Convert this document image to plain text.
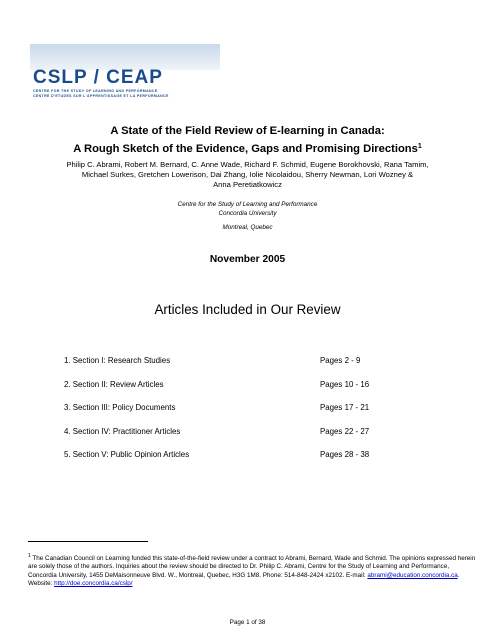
CSLP / CEAP
CENTRE FOR THE STUDY OF LEARNING AND PERFORMANCE
CENTRE D'ETUDES SUR L'APPRENTISSAGE ET LA PERFORMANCE
A State of the Field Review of E-learning in Canada:
A Rough Sketch of the Evidence, Gaps and Promising Directions$^1$
Philip C. Abrami, Robert M. Bernard, C. Anne Wade, Richard F. Schmid, Eugene Borokhovski, Rana Tamim,
Michael Surkes, Gretchen Lowerison, Dai Zhang, Iolie Nicolaidou, Sherry Newman, Lori Wozney &
Anna Peretiatkowicz
Centre for the Study of Learning and Performance
Concordia University
Montreal, Quebec
November 2005
Articles Included in Our Review
1. Section I: Research Studies	Pages 2 - 9
2. Section II: Review Articles	Pages 10 - 16
3. Section III: Policy Documents	Pages 17 - 21
4. Section IV: Practitioner Articles	Pages 22 - 27
5. Section V: Public Opinion Articles	Pages 28 - 38
$^1$ The Canadian Council on Learning funded this state-of-the-field review under a contract to Abrami, Bernard, Wade and Schmid. The opinions expressed herein are solely those of the authors. Inquiries about the review should be directed to Dr. Philip C. Abrami, Centre for the Study of Learning and Performance, Concordia University, 1455 DeMaisonneuve Blvd. W., Montreal, Quebec, H3G 1M8. Phone: 514-848-2424 x2102. E-mail: abrami@education.concordia.ca. Website: http://doe.concordia.ca/cslp/
Page 1 of 38
